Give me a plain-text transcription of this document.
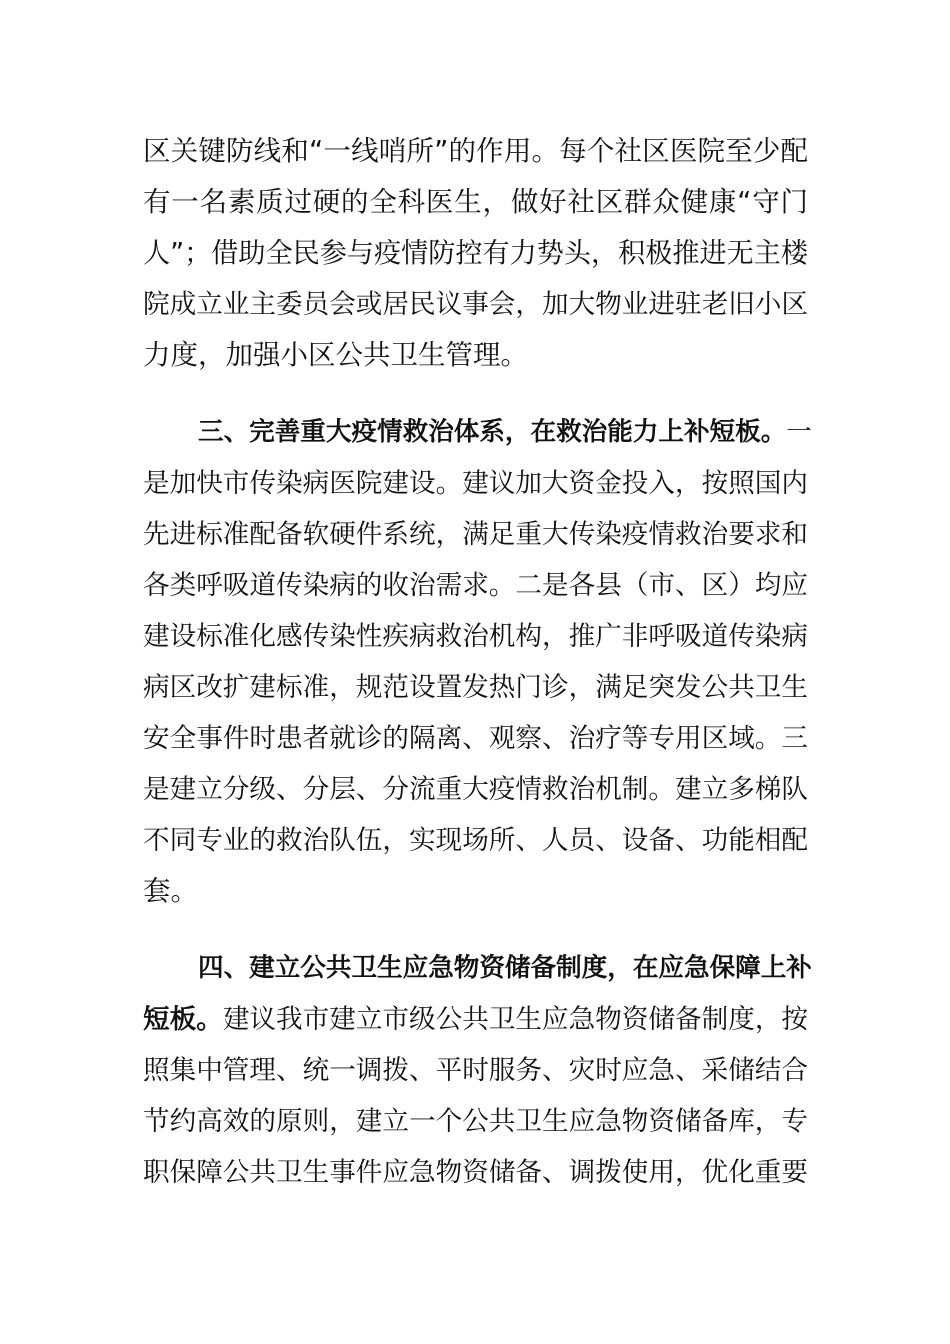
区关键防线和“一线哨所”的作用。每个社区医院至少配
有一名素质过硬的全科医生，做好社区群众健康“守门
人”；借助全民参与疫情防控有力势头，积极推进无主楼
院成立业主委员会或居民议事会，加大物业进驻老旧小区
力度，加强小区公共卫生管理。
三、完善重大疫情救治体系，在救治能力上补短板。一
是加快市传染病医院建设。建议加大资金投入，按照国内
先进标准配备软硬件系统，满足重大传染疫情救治要求和
各类呼吸道传染病的收治需求。二是各县（市、区）均应
建设标准化感传染性疾病救治机构，推广非呼吸道传染病
病区改扩建标准，规范设置发热门诊，满足突发公共卫生
安全事件时患者就诊的隔离、观察、治疗等专用区域。三
是建立分级、分层、分流重大疫情救治机制。建立多梯队
不同专业的救治队伍，实现场所、人员、设备、功能相配
套。
四、建立公共卫生应急物资储备制度，在应急保障上补
短板。建议我市建立市级公共卫生应急物资储备制度，按
照集中管理、统一调拨、平时服务、灾时应急、采储结合
节约高效的原则，建立一个公共卫生应急物资储备库，专
职保障公共卫生事件应急物资储备、调拨使用，优化重要
